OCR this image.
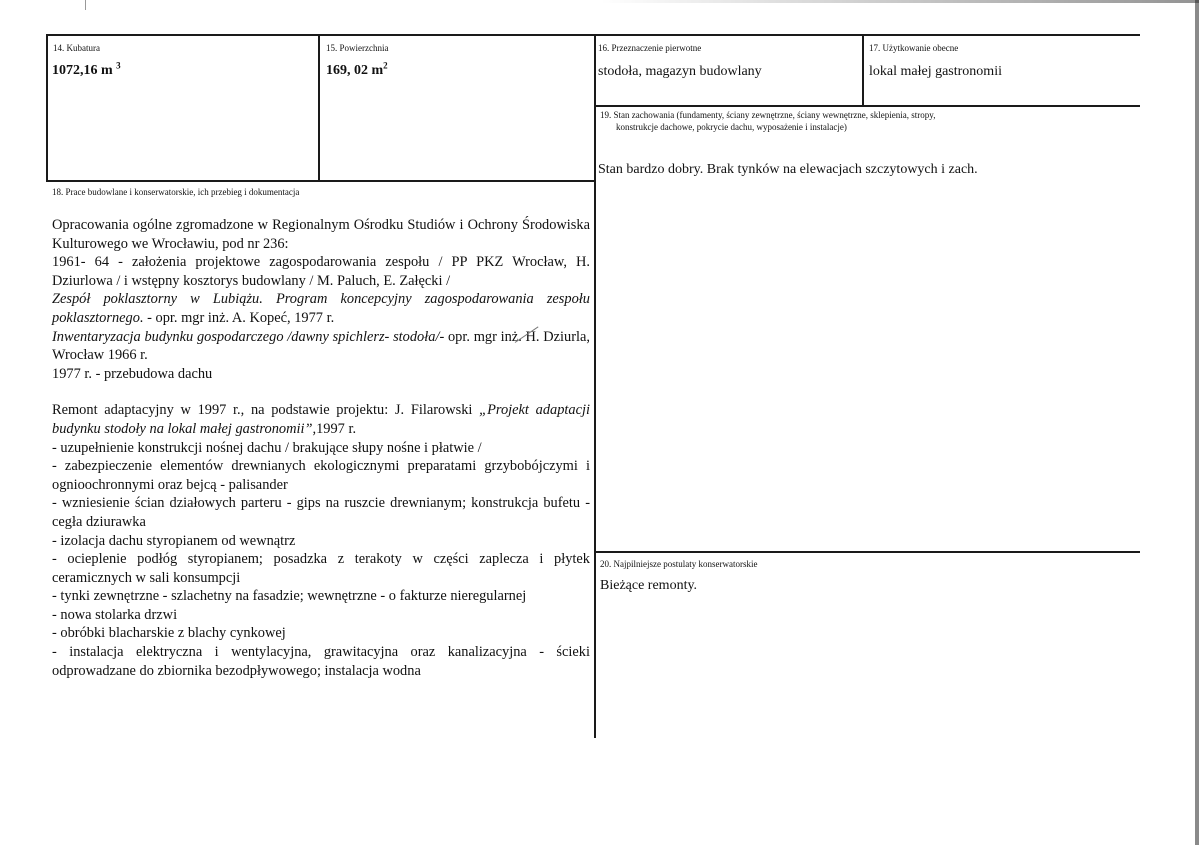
14. Kubatura
1072,16 m $^3$
15. Powierzchnia
169, 02 $m^2$
16. Przeznaczenie pierwotne
stodoła, magazyn budowlany
17. Użytkowanie obecne
lokal małej gastronomii
19. Stan zachowania (fundamenty, ściany zewnętrzne, ściany wewnętrzne, sklepienia, stropy,
konstrukcje dachowe, pokrycie dachu, wyposażenie i instalacje)
Stan bardzo dobry. Brak tynków na elewacjach szczytowych i zach.
18. Prace budowlane i konserwatorskie, ich przebieg i dokumentacja

Opracowania ogólne zgromadzone w Regionalnym Ośrodku Studiów i Ochrony Środowiska Kulturowego we Wrocławiu, pod nr 236:

1961- 64 - założenia projektowe zagospodarowania zespołu / PP PKZ Wrocław, H. Dziurlowa / i wstępny kosztorys budowlany / M. Paluch, E. Załęcki /

Zespół poklasztorny w Lubiążu. Program koncepcyjny zagospodarowania zespołu poklasztornego. - opr. mgr inż. A. Kopeć, 1977 r.

Inwentaryzacja budynku gospodarczego /dawny spichlerz- stodoła/- opr. mgr inż. H. Dziurla, Wrocław 1966 r.

1977 r. - przebudowa dachu

Remont adaptacyjny w 1997 r., na podstawie projektu: J. Filarowski „Projekt adaptacji budynku stodoły na lokal małej gastronomii”,1997 r.

- uzupełnienie konstrukcji nośnej dachu / brakujące słupy nośne i płatwie /

- zabezpieczenie elementów drewnianych ekologicznymi preparatami grzybobójczymi i ognioochronnymi oraz bejcą - palisander

- wzniesienie ścian działowych parteru - gips na ruszcie drewnianym; konstrukcja bufetu - cegła dziurawka

- izolacja dachu styropianem od wewnątrz

- ocieplenie podłóg styropianem; posadzka z terakoty w części zaplecza i płytek ceramicznych w sali konsumpcji

- tynki zewnętrzne - szlachetny na fasadzie; wewnętrzne - o fakturze nieregularnej

- nowa stolarka drzwi

- obróbki blacharskie z blachy cynkowej

- instalacja elektryczna i wentylacyjna, grawitacyjna oraz kanalizacyjna - ścieki odprowadzane do zbiornika bezodpływowego; instalacja wodna

20. Najpilniejsze postulaty konserwatorskie
Bieżące remonty.
